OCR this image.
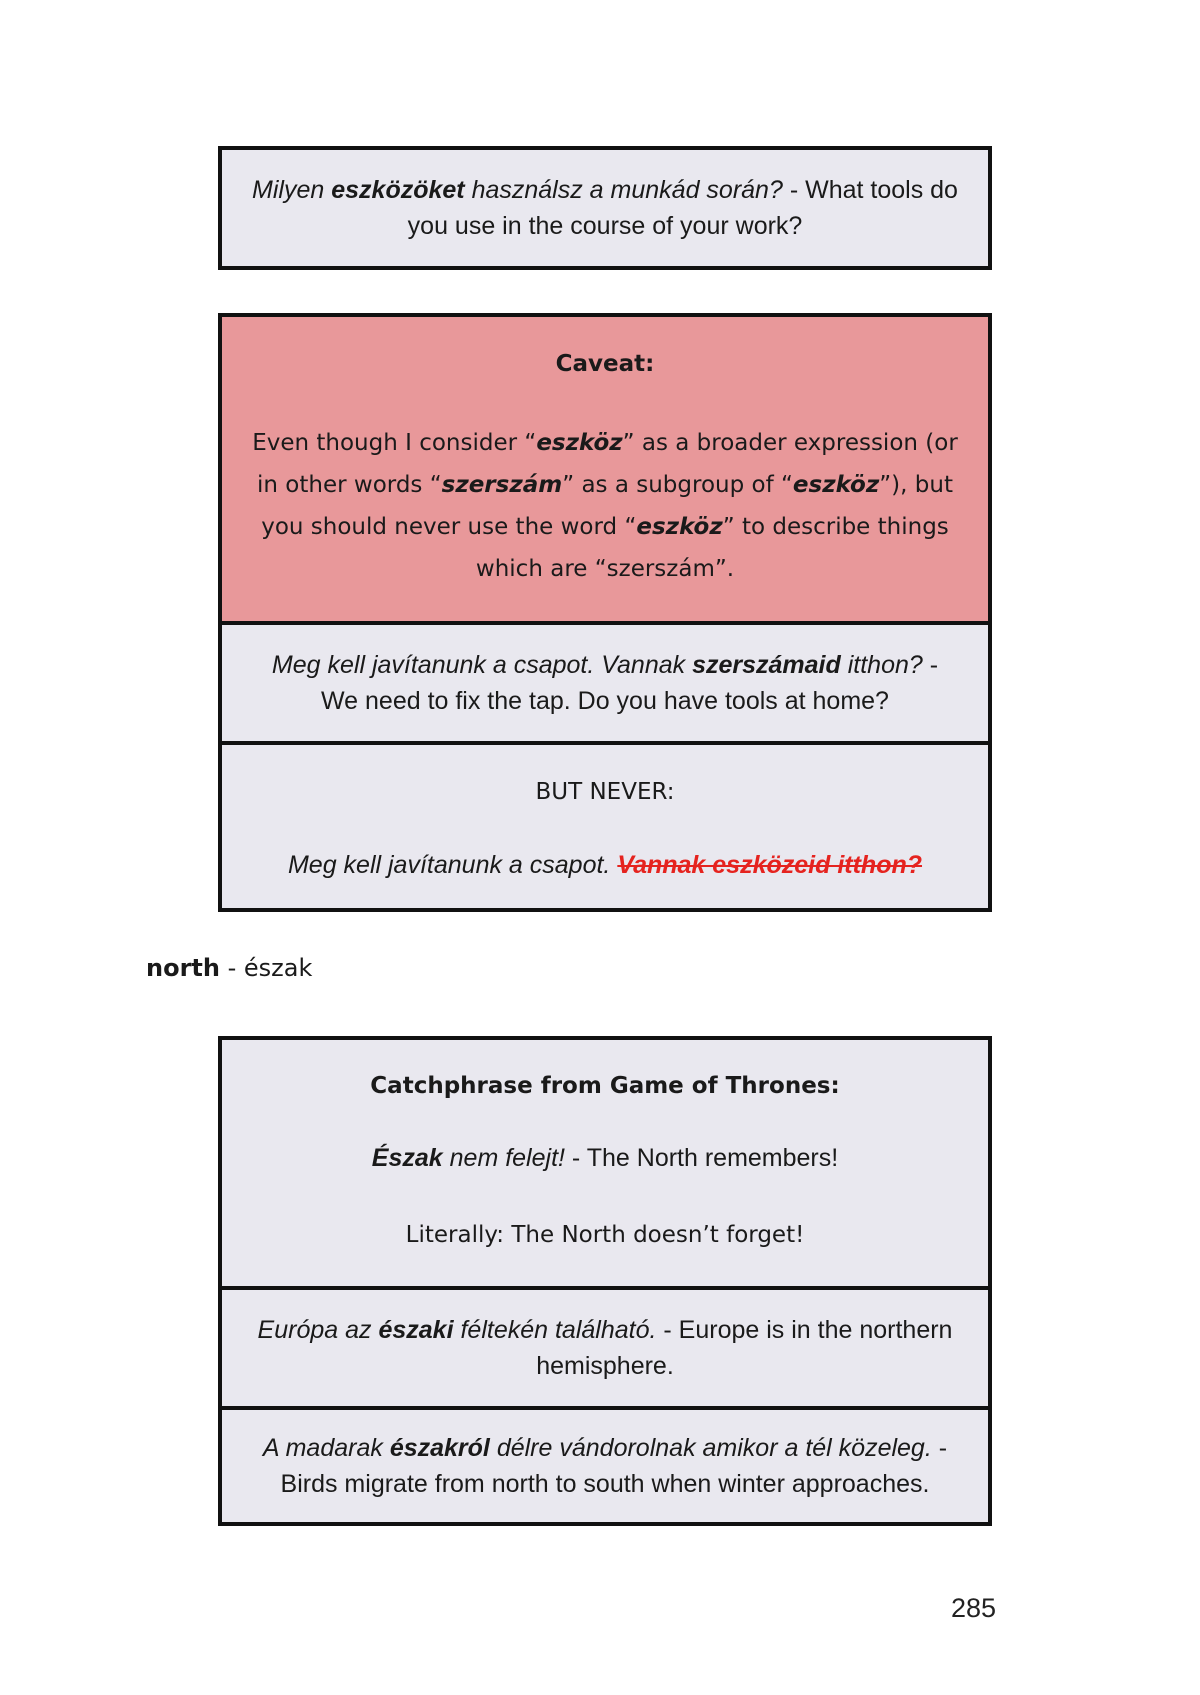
Milyen eszközöket használsz a munkád során? - What tools do you use in the course of your work?
Caveat:
Even though I consider “eszköz” as a broader expression (or in other words “szerszám” as a subgroup of “eszköz”), but you should never use the word “eszköz” to describe things which are “szerszám”.
Meg kell javítanunk a csapot. Vannak szerszámaid itthon? - We need to fix the tap. Do you have tools at home?
BUT NEVER:
Meg kell javítanunk a csapot. Vannak eszközeid itthon?
north - észak
Catchphrase from Game of Thrones:
Észak nem felejt! - The North remembers!
Literally: The North doesn’t forget!
Európa az északi féltekén található. - Europe is in the northern hemisphere.
A madarak északról délre vándorolnak amikor a tél közeleg. - Birds migrate from north to south when winter approaches.
285
